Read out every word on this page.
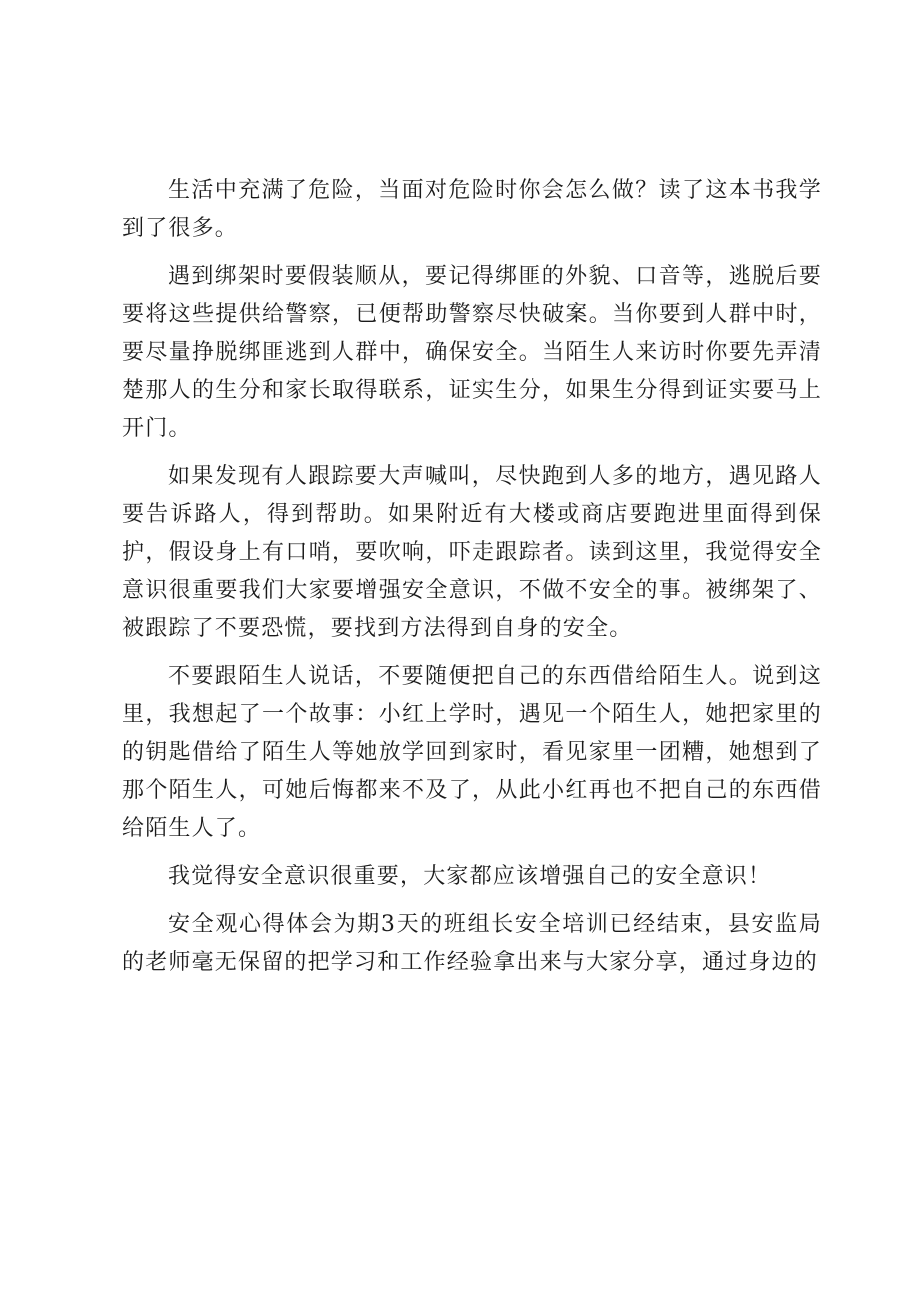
生活中充满了危险，当面对危险时你会怎么做？读了这本书我学到了很多。

遇到绑架时要假装顺从，要记得绑匪的外貌、口音等，逃脱后要要将这些提供给警察，已便帮助警察尽快破案。当你要到人群中时，要尽量挣脱绑匪逃到人群中，确保安全。当陌生人来访时你要先弄清楚那人的生分和家长取得联系，证实生分，如果生分得到证实要马上开门。

如果发现有人跟踪要大声喊叫，尽快跑到人多的地方，遇见路人要告诉路人，得到帮助。如果附近有大楼或商店要跑进里面得到保护，假设身上有口哨，要吹响，吓走跟踪者。读到这里，我觉得安全意识很重要我们大家要增强安全意识，不做不安全的事。被绑架了、被跟踪了不要恐慌，要找到方法得到自身的安全。

不要跟陌生人说话，不要随便把自己的东西借给陌生人。说到这里，我想起了一个故事：小红上学时，遇见一个陌生人，她把家里的的钥匙借给了陌生人等她放学回到家时，看见家里一团糟，她想到了那个陌生人，可她后悔都来不及了，从此小红再也不把自己的东西借给陌生人了。

我觉得安全意识很重要，大家都应该增强自己的安全意识！

安全观心得体会为期3天的班组长安全培训已经结束，县安监局的老师毫无保留的把学习和工作经验拿出来与大家分享，通过身边的
